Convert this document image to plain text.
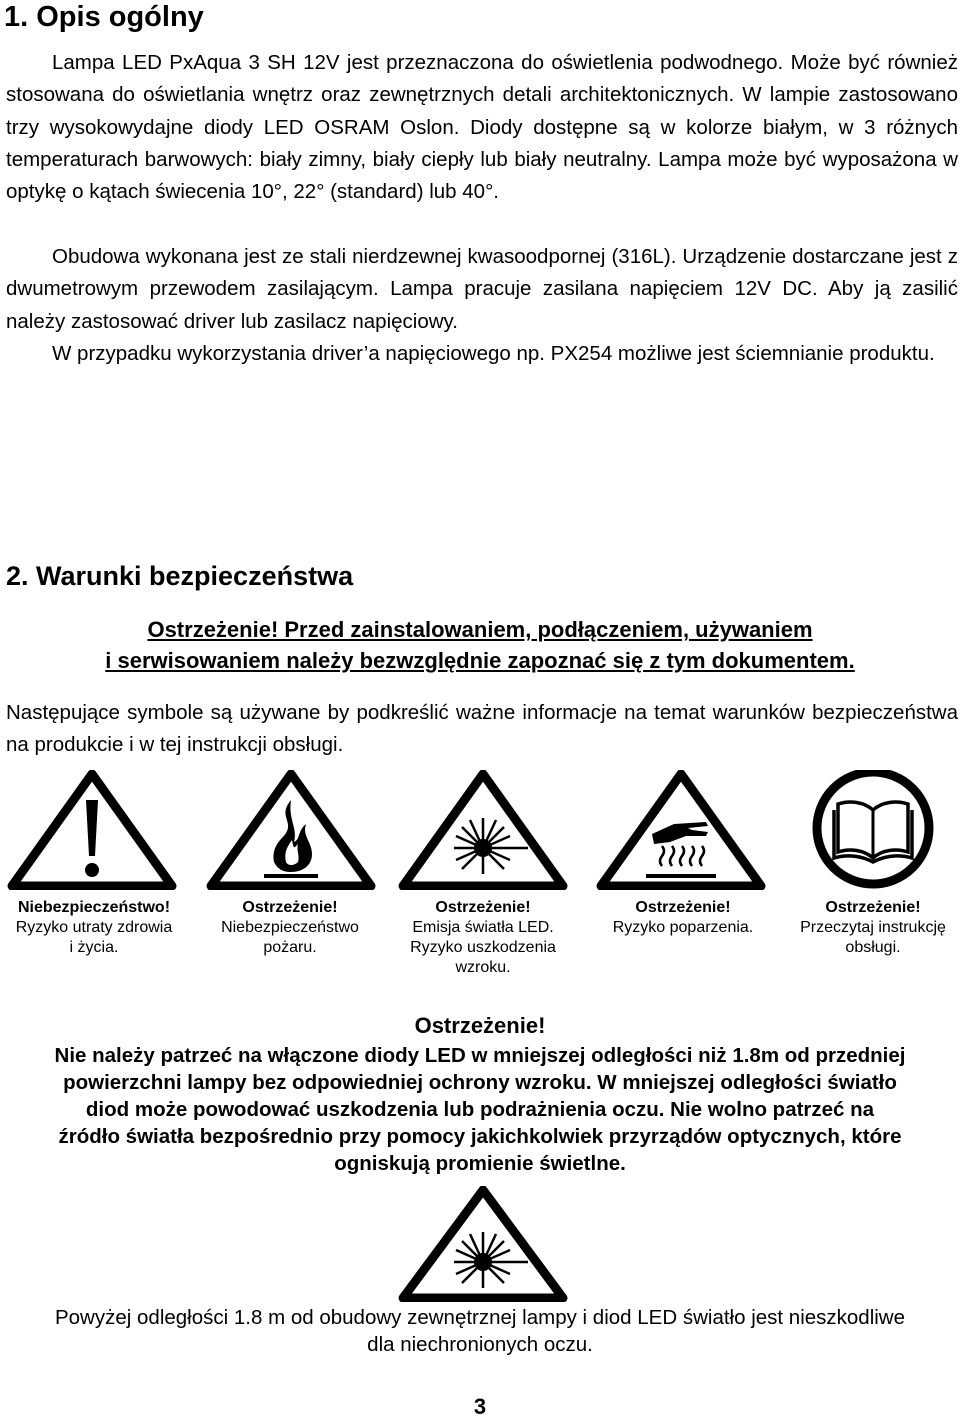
1. Opis ogólny

Lampa LED PxAqua 3 SH 12V jest przeznaczona do oświetlenia podwodnego. Może być również stosowana do oświetlania wnętrz oraz zewnętrznych detali architektonicznych. W lampie zastosowano trzy wysokowydajne diody LED OSRAM Oslon. Diody dostępne są w kolorze białym, w 3 różnych temperaturach barwowych: biały zimny, biały ciepły lub biały neutralny. Lampa może być wyposażona w optykę o kątach świecenia 10°, 22° (standard) lub 40°.

Obudowa wykonana jest ze stali nierdzewnej kwasoodpornej (316L). Urządzenie dostarczane jest z dwumetrowym przewodem zasilającym. Lampa pracuje zasilana napięciem 12V DC. Aby ją zasilić należy zastosować driver lub zasilacz napięciowy.

W przypadku wykorzystania driver’a napięciowego np. PX254 możliwe jest ściemnianie produktu.

2. Warunki bezpieczeństwa
Ostrzeżenie! Przed zainstalowaniem, podłączeniem, używaniem
i serwisowaniem należy bezwzględnie zapoznać się z tym dokumentem.

Następujące symbole są używane by podkreślić ważne informacje na temat warunków bezpieczeństwa na produkcie i w tej instrukcji obsługi.

Niebezpieczeństwo!
Ryzyko utraty zdrowia
i życia.
Ostrzeżenie!
Niebezpieczeństwo
pożaru.
Ostrzeżenie!
Emisja światła LED.
Ryzyko uszkodzenia
wzroku.
Ostrzeżenie!
Ryzyko poparzenia.
Ostrzeżenie!
Przeczytaj instrukcję
obsługi.
Ostrzeżenie!
Nie należy patrzeć na włączone diody LED w mniejszej odległości niż 1.8m od przedniej
powierzchni lampy bez odpowiedniej ochrony wzroku. W mniejszej odległości światło
diod może powodować uszkodzenia lub podrażnienia oczu. Nie wolno patrzeć na
źródło światła bezpośrednio przy pomocy jakichkolwiek przyrządów optycznych, które
ogniskują promienie świetlne.
Powyżej odległości 1.8 m od obudowy zewnętrznej lampy i diod LED światło jest nieszkodliwe
dla niechronionych oczu.
3
